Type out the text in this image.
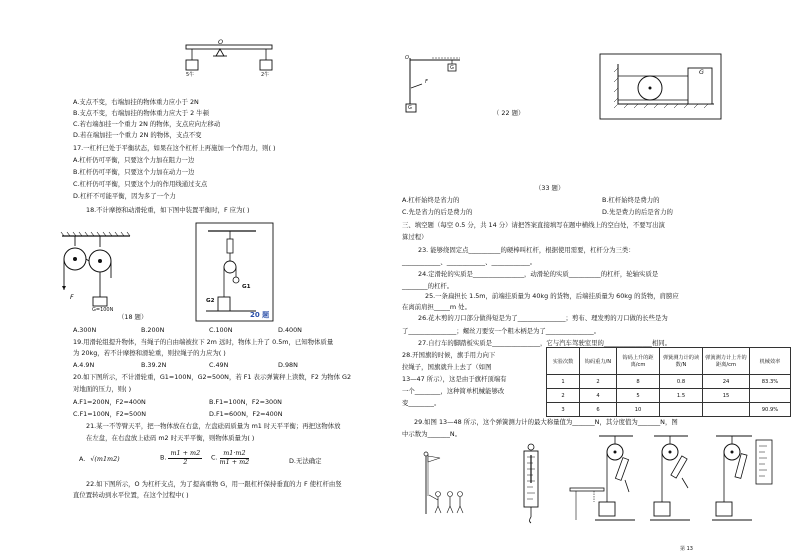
O
5牛	2牛
A.支点不变，右端加挂的物体重力应小于 2N
B.支点不变，右端加挂的物体重力应大于 2 牛顿
C.若右端加挂一个重力 2N 的物体，支点应向左移动
D.若在端加挂一个重力 2N 的物体，支点不变
17.一杠杆已处于平衡状态，如果在这个杠杆上再施加一个作用力，则( )
A.杠杆仍可平衡，只要这个力加在阻力一边
B.杠杆仍可平衡，只要这个力加在动力一边
C.杠杆仍可平衡，只要这个力的作用线通过支点
D.杠杆不可能平衡，因为多了一个力
18.不计摩擦和动滑轮重，如下图中装置平衡时，F 应为( )
F
G=100N
G1
G2
20 题
（18 题）
A.300N	B.200N	C.100N	D.400N
19.用滑轮组提升物体，当绳子的自由端被拉下 2m 远时，物体上升了 0.5m，已知物体质量
为 20kg，若不计摩擦和滑轮重，则拉绳子的力应为( )
A.4.9N	B.39.2N	C.49N	D.98N
20.如下图所示，不计滑轮重，G1=100N，G2=500N，若 F1 表示弹簧秤上读数，F2 为物体 G2
对地面的压力，则( )
A.F1=200N，F2=400N	B.F1=100N，F2=300N
C.F1=100N，F2=500N	D.F1=600N，F2=400N
21.某一不等臂天平，把一物体放在右盘，左盘砝码质量为 m1 时天平平衡；再把这物体放
在左盘，在右盘放上砝码 m2 时天平平衡，则物体质量为( )
A. √(m1m2)	B. $\frac{m1 + m2}{2} C$. $\frac{m1\cdot m2}{m1 + m2}$	D.无法确定
22.如下图所示，O 为杠杆支点，为了提高重物 G，用一跟杠杆保持垂直的力 F 使杠杆由竖
直位置转动到水平位置，在这个过程中( )
O
F
G
G
（ 22 题）
G
（33 题）
A.杠杆始终是省力的	B.杠杆始终是费力的
C.先是省力的后是费力的	D.先是费力的后是省力的
三、填空题（每空 0.5 分，共 14 分）请把答案直接填写在题中横线上的空白处，不要写出演
算过程）
23. 能够绕固定点__________的硬棒叫杠杆，根据使用需要，杠杆分为三类：
____________、____________、____________。
24.定滑轮的实质是________________，动滑轮的实质__________的杠杆，轮轴实质是
________的杠杆。
25.一条扁担长 1.5m，前端挂质量为 40kg 的货物，后端挂质量为 60kg 的货物，肩膀应
在离前肩担_____m 处。
26.花木剪的刀口部分做得短是为了_______________；剪布、理发剪的刀口做的长些是为
了_______________；螺丝刀要安一个粗木柄是为了_______________。
27.自行车的脚踏板实质是_______________，它与汽车驾驶室里的_______________相同。
28.开国旗的时候，旗手用力向下
拉绳子，国旗就升上去了（如图
13—47 所示），这是由于旗杆顶端有
一个________，这种简单机械能够改
变________。
实验次数	钩码重力/N	钩码上升的距离/cm	弹簧测力计的读数/N	弹簧测力计上升的距离/cm	机械效率
1	2	8	0.8	24	83.3%
2	4	5	1.5	15	
3	6	10			90.9%
29.如图 13—48 所示，这个弹簧测力计的最大称量值为_______N，其分度值为_______N，图
中示数为_______N。
第 13
